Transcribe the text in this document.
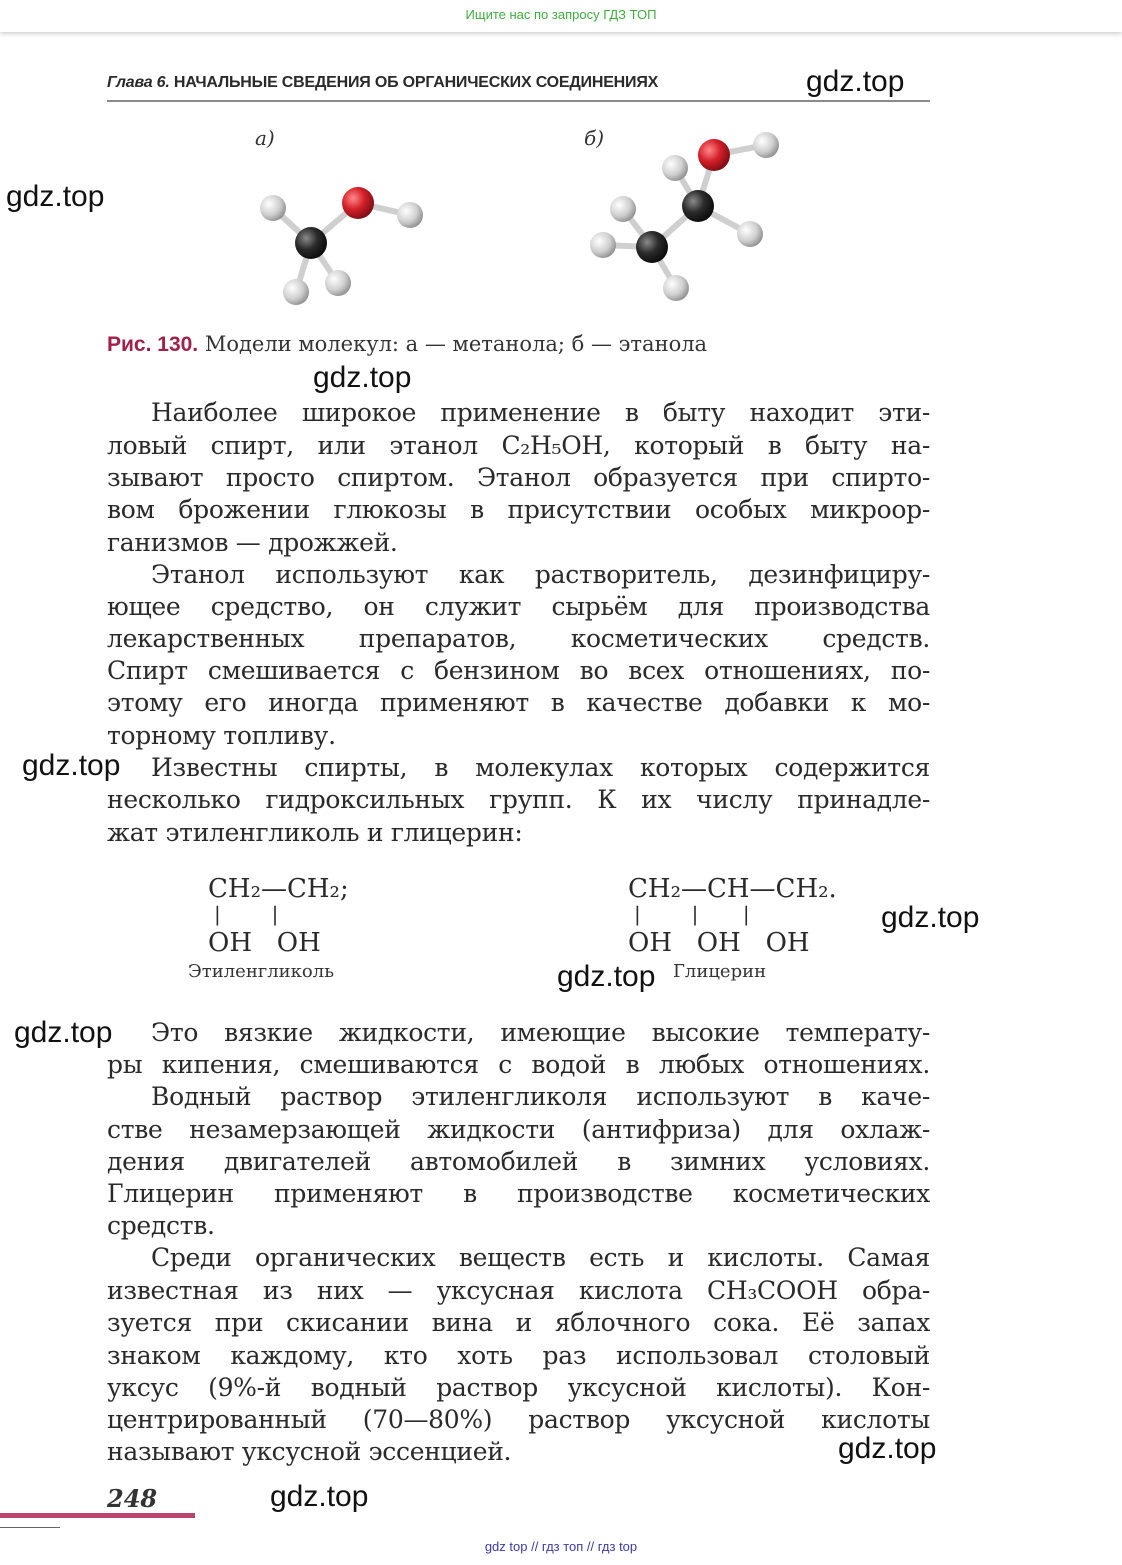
Ищите нас по запросу ГДЗ ТОП
Глава 6. НАЧАЛЬНЫЕ СВЕДЕНИЯ ОБ ОРГАНИЧЕСКИХ СОЕДИНЕНИЯХ	gdz.top
gdz.top
gdz.top
gdz.top
gdz.top
gdz.top
gdz.top
gdz.top
gdz.top
а)	б)
Рис. 130. Модели молекул: а — метанола; б — этанола
Наиболее широкое применение в быту находит эти-
ловый спирт, или этанол C₂H₅OH, который в быту на-
зывают просто спиртом. Этанол образуется при спирто-
вом брожении глюкозы в присутствии особых микроор-
ганизмов — дрожжей.
Этанол используют как растворитель, дезинфициру-
ющее средство, он служит сырьём для производства
лекарственных препаратов, косметических средств.
Спирт смешивается с бензином во всех отношениях, по-
этому его иногда применяют в качестве добавки к мо-
торному топливу.
Известны спирты, в молекулах которых содержится
несколько гидроксильных групп. К их числу принадле-
жат этиленгликоль и глицерин:
CH₂—CH₂;
|        |
OH   OH
Этиленгликоль
CH₂—CH—CH₂.
|        |       |
OH   OH   OH
Глицерин
Это вязкие жидкости, имеющие высокие температу-
ры кипения, смешиваются с водой в любых отношениях.
Водный раствор этиленгликоля используют в каче-
стве незамерзающей жидкости (антифриза) для охлаж-
дения двигателей автомобилей в зимних условиях.
Глицерин применяют в производстве косметических
средств.
Среди органических веществ есть и кислоты. Самая
известная из них — уксусная кислота CH₃COOH обра-
зуется при скисании вина и яблочного сока. Её запах
знаком каждому, кто хоть раз использовал столовый
уксус (9%-й водный раствор уксусной кислоты). Кон-
центрированный (70—80%) раствор уксусной кислоты
называют уксусной эссенцией.
248
gdz top // гдз топ // гдз top
